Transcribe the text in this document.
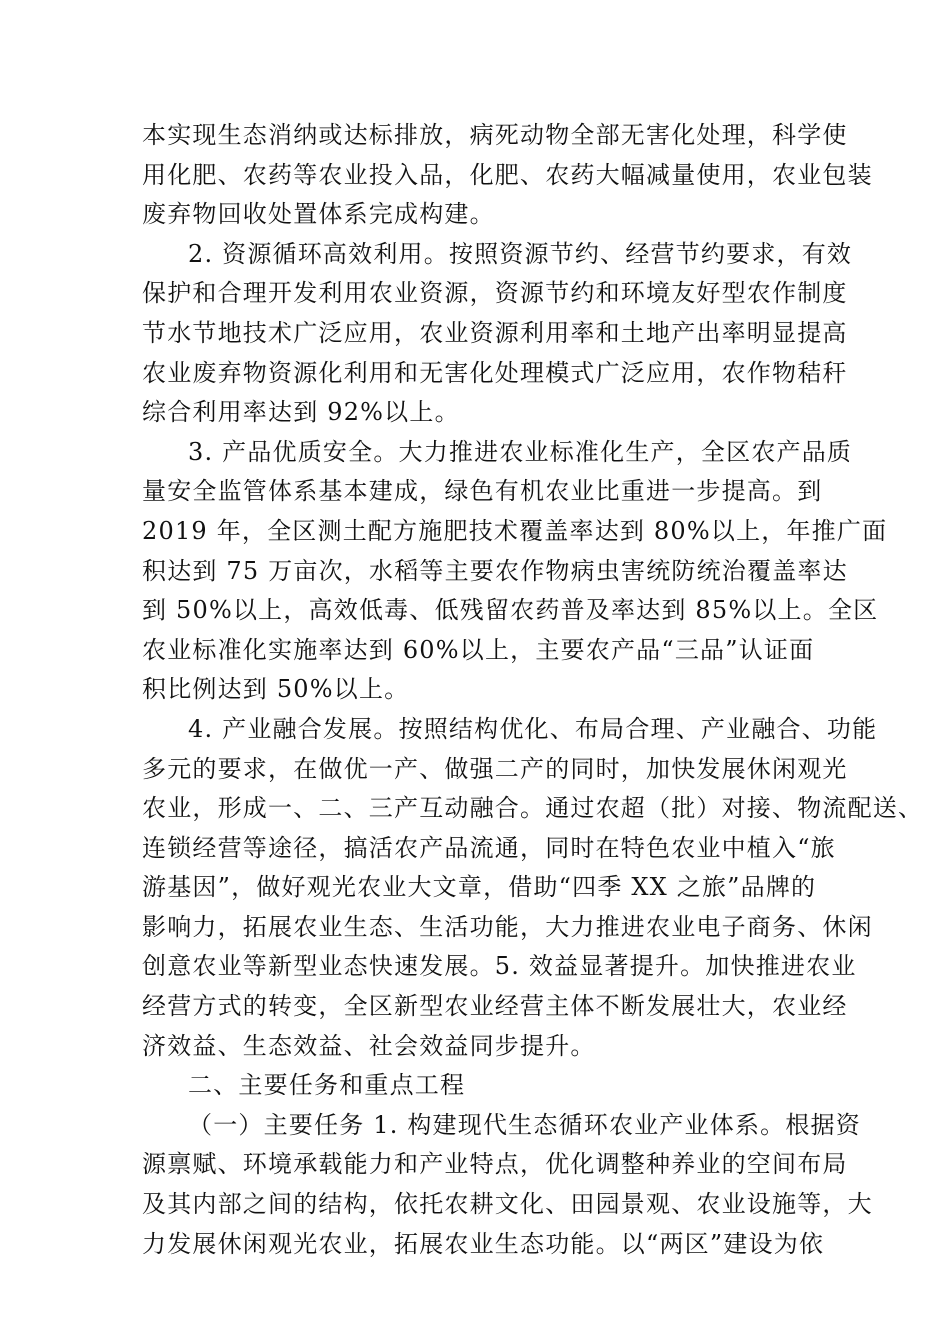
本实现生态消纳或达标排放，病死动物全部无害化处理，科学使
用化肥、农药等农业投入品，化肥、农药大幅减量使用，农业包装
废弃物回收处置体系完成构建。
2. 资源循环高效利用。按照资源节约、经营节约要求，有效
保护和合理开发利用农业资源，资源节约和环境友好型农作制度
节水节地技术广泛应用，农业资源利用率和土地产出率明显提高
农业废弃物资源化利用和无害化处理模式广泛应用，农作物秸秆
综合利用率达到 92%以上。
3. 产品优质安全。大力推进农业标准化生产，全区农产品质
量安全监管体系基本建成，绿色有机农业比重进一步提高。到
2019 年，全区测土配方施肥技术覆盖率达到 80%以上，年推广面
积达到 75 万亩次，水稻等主要农作物病虫害统防统治覆盖率达
到 50%以上，高效低毒、低残留农药普及率达到 85%以上。全区
农业标准化实施率达到 60%以上，主要农产品“三品”认证面
积比例达到 50%以上。
4. 产业融合发展。按照结构优化、布局合理、产业融合、功能
多元的要求，在做优一产、做强二产的同时，加快发展休闲观光
农业，形成一、二、三产互动融合。通过农超（批）对接、物流配送、
连锁经营等途径，搞活农产品流通，同时在特色农业中植入“旅
游基因”，做好观光农业大文章，借助“四季 XX 之旅”品牌的
影响力，拓展农业生态、生活功能，大力推进农业电子商务、休闲
创意农业等新型业态快速发展。5. 效益显著提升。加快推进农业
经营方式的转变，全区新型农业经营主体不断发展壮大，农业经
济效益、生态效益、社会效益同步提升。
二、主要任务和重点工程
（一）主要任务 1. 构建现代生态循环农业产业体系。根据资
源禀赋、环境承载能力和产业特点，优化调整种养业的空间布局
及其内部之间的结构，依托农耕文化、田园景观、农业设施等，大
力发展休闲观光农业，拓展农业生态功能。以“两区”建设为依
